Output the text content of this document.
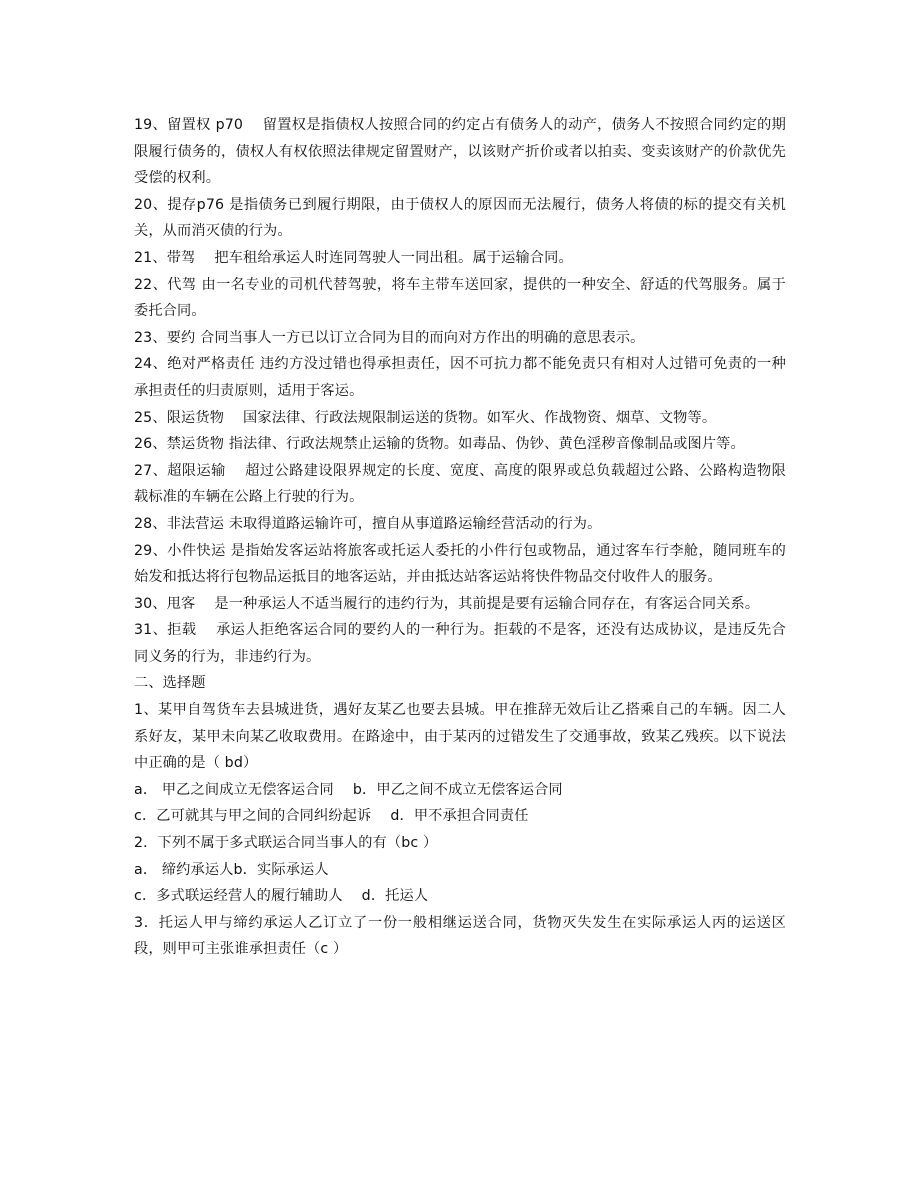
19、留置权 p70　 留置权是指债权人按照合同的约定占有债务人的动产，债务人不按照合同约定的期限履行债务的，债权人有权依照法律规定留置财产，以该财产折价或者以拍卖、变卖该财产的价款优先受偿的权利。

20、提存p76 是指债务已到履行期限，由于债权人的原因而无法履行，债务人将债的标的提交有关机关，从而消灭债的行为。

21、带驾　 把车租给承运人时连同驾驶人一同出租。属于运输合同。

22、代驾 由一名专业的司机代替驾驶，将车主带车送回家，提供的一种安全、舒适的代驾服务。属于委托合同。

23、要约 合同当事人一方已以订立合同为目的而向对方作出的明确的意思表示。

24、绝对严格责任 违约方没过错也得承担责任，因不可抗力都不能免责只有相对人过错可免责的一种承担责任的归责原则，适用于客运。

25、限运货物　 国家法律、行政法规限制运送的货物。如军火、作战物资、烟草、文物等。

26、禁运货物 指法律、行政法规禁止运输的货物。如毒品、伪钞、黄色淫秽音像制品或图片等。

27、超限运输　 超过公路建设限界规定的长度、宽度、高度的限界或总负载超过公路、公路构造物限载标准的车辆在公路上行驶的行为。

28、非法营运 未取得道路运输许可，擅自从事道路运输经营活动的行为。

29、小件快运 是指始发客运站将旅客或托运人委托的小件行包或物品，通过客车行李舱，随同班车的始发和抵达将行包物品运抵目的地客运站，并由抵达站客运站将快件物品交付收件人的服务。

30、甩客　 是一种承运人不适当履行的违约行为，其前提是要有运输合同存在，有客运合同关系。

31、拒载　 承运人拒绝客运合同的要约人的一种行为。拒载的不是客，还没有达成协议，是违反先合同义务的行为，非违约行为。

二、选择题

1、某甲自驾货车去县城进货，遇好友某乙也要去县城。甲在推辞无效后让乙搭乘自己的车辆。因二人系好友，某甲未向某乙收取费用。在路途中，由于某丙的过错发生了交通事故，致某乙残疾。以下说法中正确的是（ bd）

a． 甲乙之间成立无偿客运合同　 b．甲乙之间不成立无偿客运合同

c．乙可就其与甲之间的合同纠纷起诉　 d．甲不承担合同责任

2．下列不属于多式联运合同当事人的有（bc ）

a． 缔约承运人b．实际承运人

c．多式联运经营人的履行辅助人　 d．托运人

3．托运人甲与缔约承运人乙订立了一份一般相继运送合同，货物灭失发生在实际承运人丙的运送区段，则甲可主张谁承担责任（c ）
